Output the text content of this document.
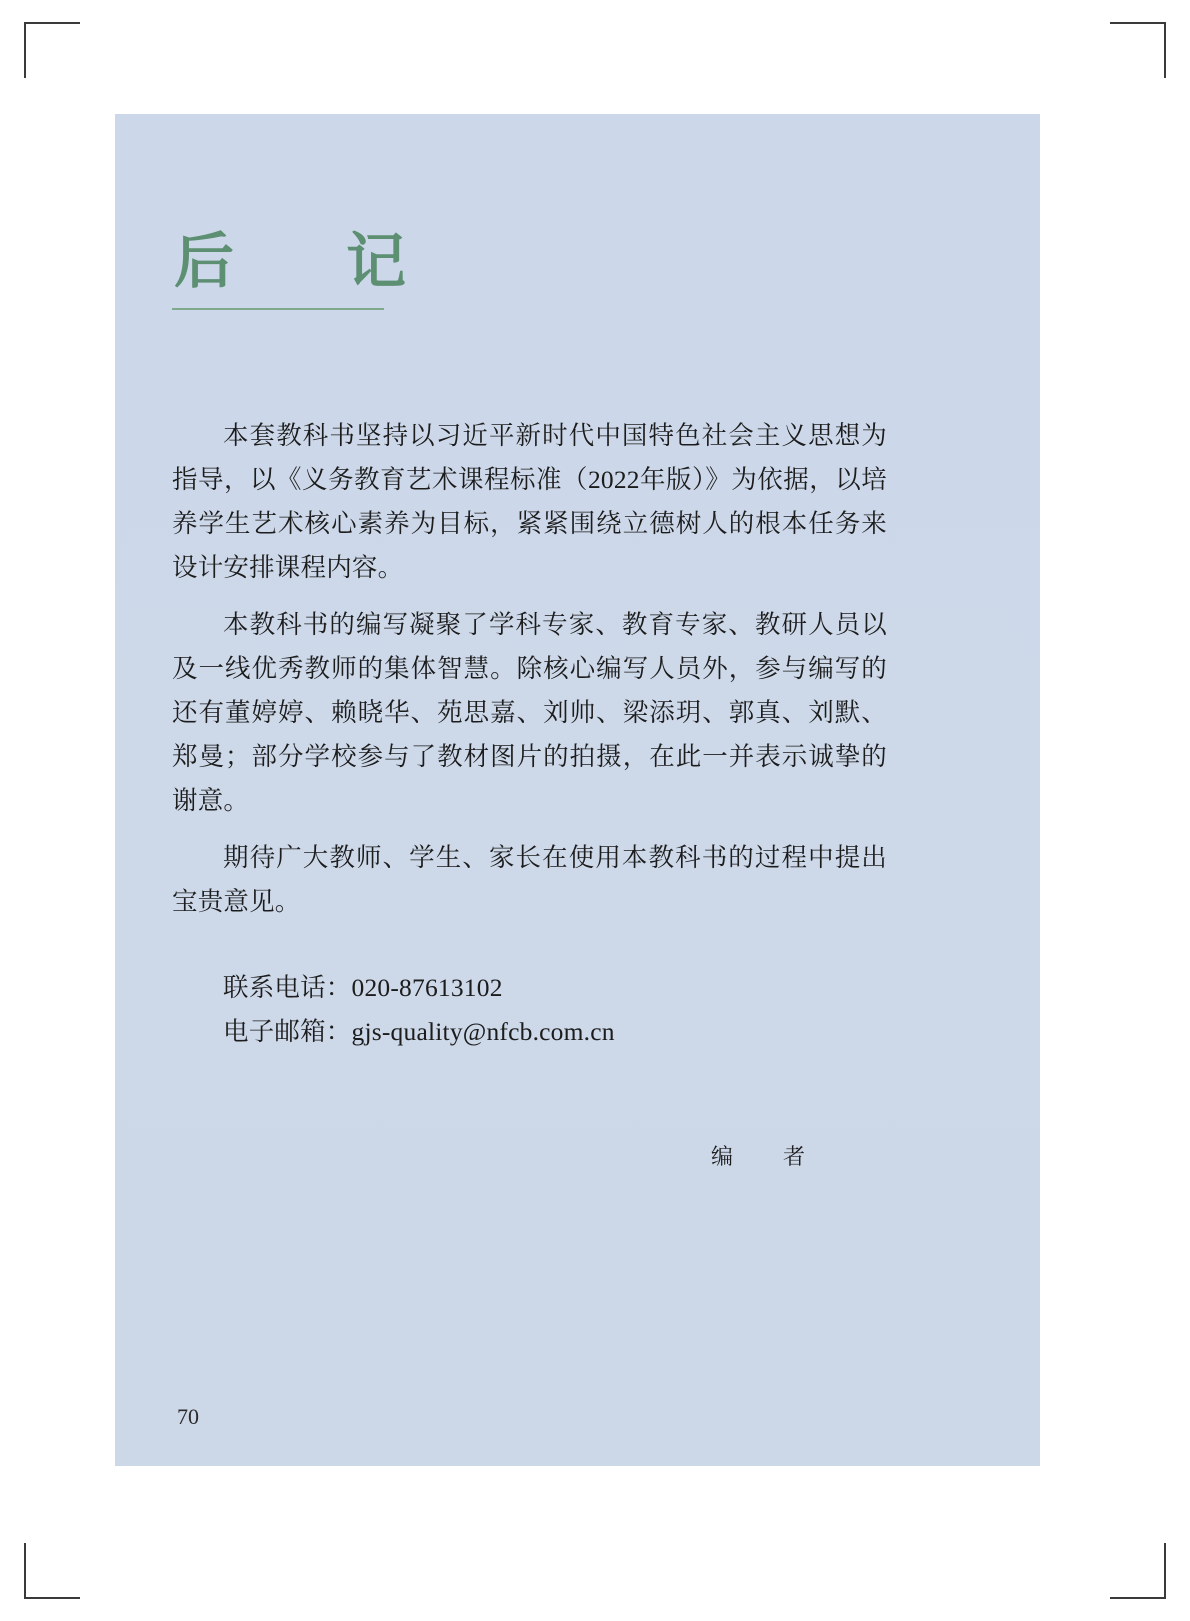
后　记

本套教科书坚持以习近平新时代中国特色社会主义思想为指导，以《义务教育艺术课程标准（2022年版）》为依据，以培养学生艺术核心素养为目标，紧紧围绕立德树人的根本任务来设计安排课程内容。

本教科书的编写凝聚了学科专家、教育专家、教研人员以及一线优秀教师的集体智慧。除核心编写人员外，参与编写的还有董婷婷、赖晓华、苑思嘉、刘帅、梁添玥、郭真、刘默、郑曼；部分学校参与了教材图片的拍摄，在此一并表示诚挚的谢意。

期待广大教师、学生、家长在使用本教科书的过程中提出宝贵意见。

联系电话：020-87613102

电子邮箱：gjs-quality@nfcb.com.cn

编　者
70
